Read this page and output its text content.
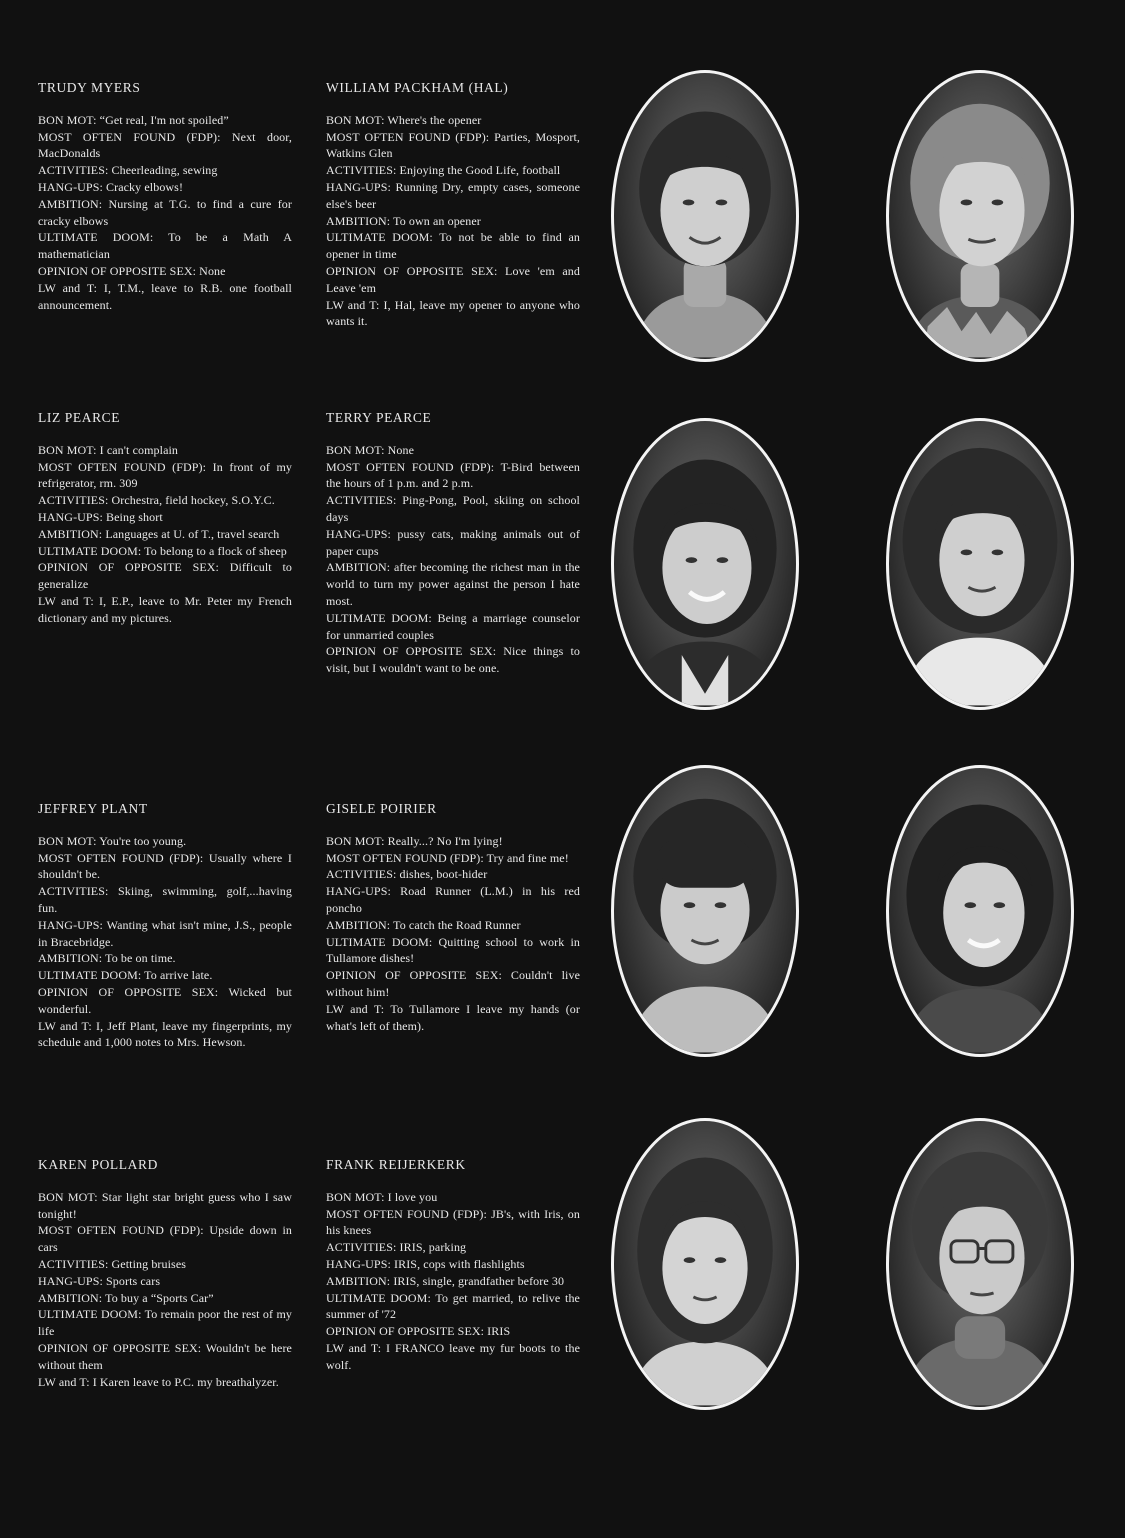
TRUDY MYERS

BON MOT: “Get real, I'm not spoiled”

MOST OFTEN FOUND (FDP): Next door, MacDonalds

ACTIVITIES: Cheerleading, sewing

HANG-UPS: Cracky elbows!

AMBITION: Nursing at T.G. to find a cure for cracky elbows

ULTIMATE DOOM: To be a Math A mathematician

OPINION OF OPPOSITE SEX: None

LW and T: I, T.M., leave to R.B. one football announcement.

WILLIAM PACKHAM (HAL)

BON MOT: Where's the opener

MOST OFTEN FOUND (FDP): Parties, Mosport, Watkins Glen

ACTIVITIES: Enjoying the Good Life, football

HANG-UPS: Running Dry, empty cases, someone else's beer

AMBITION: To own an opener

ULTIMATE DOOM: To not be able to find an opener in time

OPINION OF OPPOSITE SEX: Love 'em and Leave 'em

LW and T: I, Hal, leave my opener to anyone who wants it.

LIZ PEARCE

BON MOT: I can't complain

MOST OFTEN FOUND (FDP): In front of my refrigerator, rm. 309

ACTIVITIES: Orchestra, field hockey, S.O.Y.C.

HANG-UPS: Being short

AMBITION: Languages at U. of T., travel search

ULTIMATE DOOM: To belong to a flock of sheep

OPINION OF OPPOSITE SEX: Difficult to generalize

LW and T: I, E.P., leave to Mr. Peter my French dictionary and my pictures.

TERRY PEARCE

BON MOT: None

MOST OFTEN FOUND (FDP): T-Bird between the hours of 1 p.m. and 2 p.m.

ACTIVITIES: Ping-Pong, Pool, skiing on school days

HANG-UPS: pussy cats, making animals out of paper cups

AMBITION: after becoming the richest man in the world to turn my power against the person I hate most.

ULTIMATE DOOM: Being a marriage counselor for unmarried couples

OPINION OF OPPOSITE SEX: Nice things to visit, but I wouldn't want to be one.

JEFFREY PLANT

BON MOT: You're too young.

MOST OFTEN FOUND (FDP): Usually where I shouldn't be.

ACTIVITIES: Skiing, swimming, golf,...having fun.

HANG-UPS: Wanting what isn't mine, J.S., people in Bracebridge.

AMBITION: To be on time.

ULTIMATE DOOM: To arrive late.

OPINION OF OPPOSITE SEX: Wicked but wonderful.

LW and T: I, Jeff Plant, leave my fingerprints, my schedule and 1,000 notes to Mrs. Hewson.

GISELE POIRIER

BON MOT: Really...? No I'm lying!

MOST OFTEN FOUND (FDP): Try and fine me!

ACTIVITIES: dishes, boot-hider

HANG-UPS: Road Runner (L.M.) in his red poncho

AMBITION: To catch the Road Runner

ULTIMATE DOOM: Quitting school to work in Tullamore dishes!

OPINION OF OPPOSITE SEX: Couldn't live without him!

LW and T: To Tullamore I leave my hands (or what's left of them).

KAREN POLLARD

BON MOT: Star light star bright guess who I saw tonight!

MOST OFTEN FOUND (FDP): Upside down in cars

ACTIVITIES: Getting bruises

HANG-UPS: Sports cars

AMBITION: To buy a “Sports Car”

ULTIMATE DOOM: To remain poor the rest of my life

OPINION OF OPPOSITE SEX: Wouldn't be here without them

LW and T: I Karen leave to P.C. my breathalyzer.

FRANK REIJERKERK

BON MOT: I love you

MOST OFTEN FOUND (FDP): JB's, with Iris, on his knees

ACTIVITIES: IRIS, parking

HANG-UPS: IRIS, cops with flashlights

AMBITION: IRIS, single, grandfather before 30

ULTIMATE DOOM: To get married, to relive the summer of '72

OPINION OF OPPOSITE SEX: IRIS

LW and T: I FRANCO leave my fur boots to the wolf.
